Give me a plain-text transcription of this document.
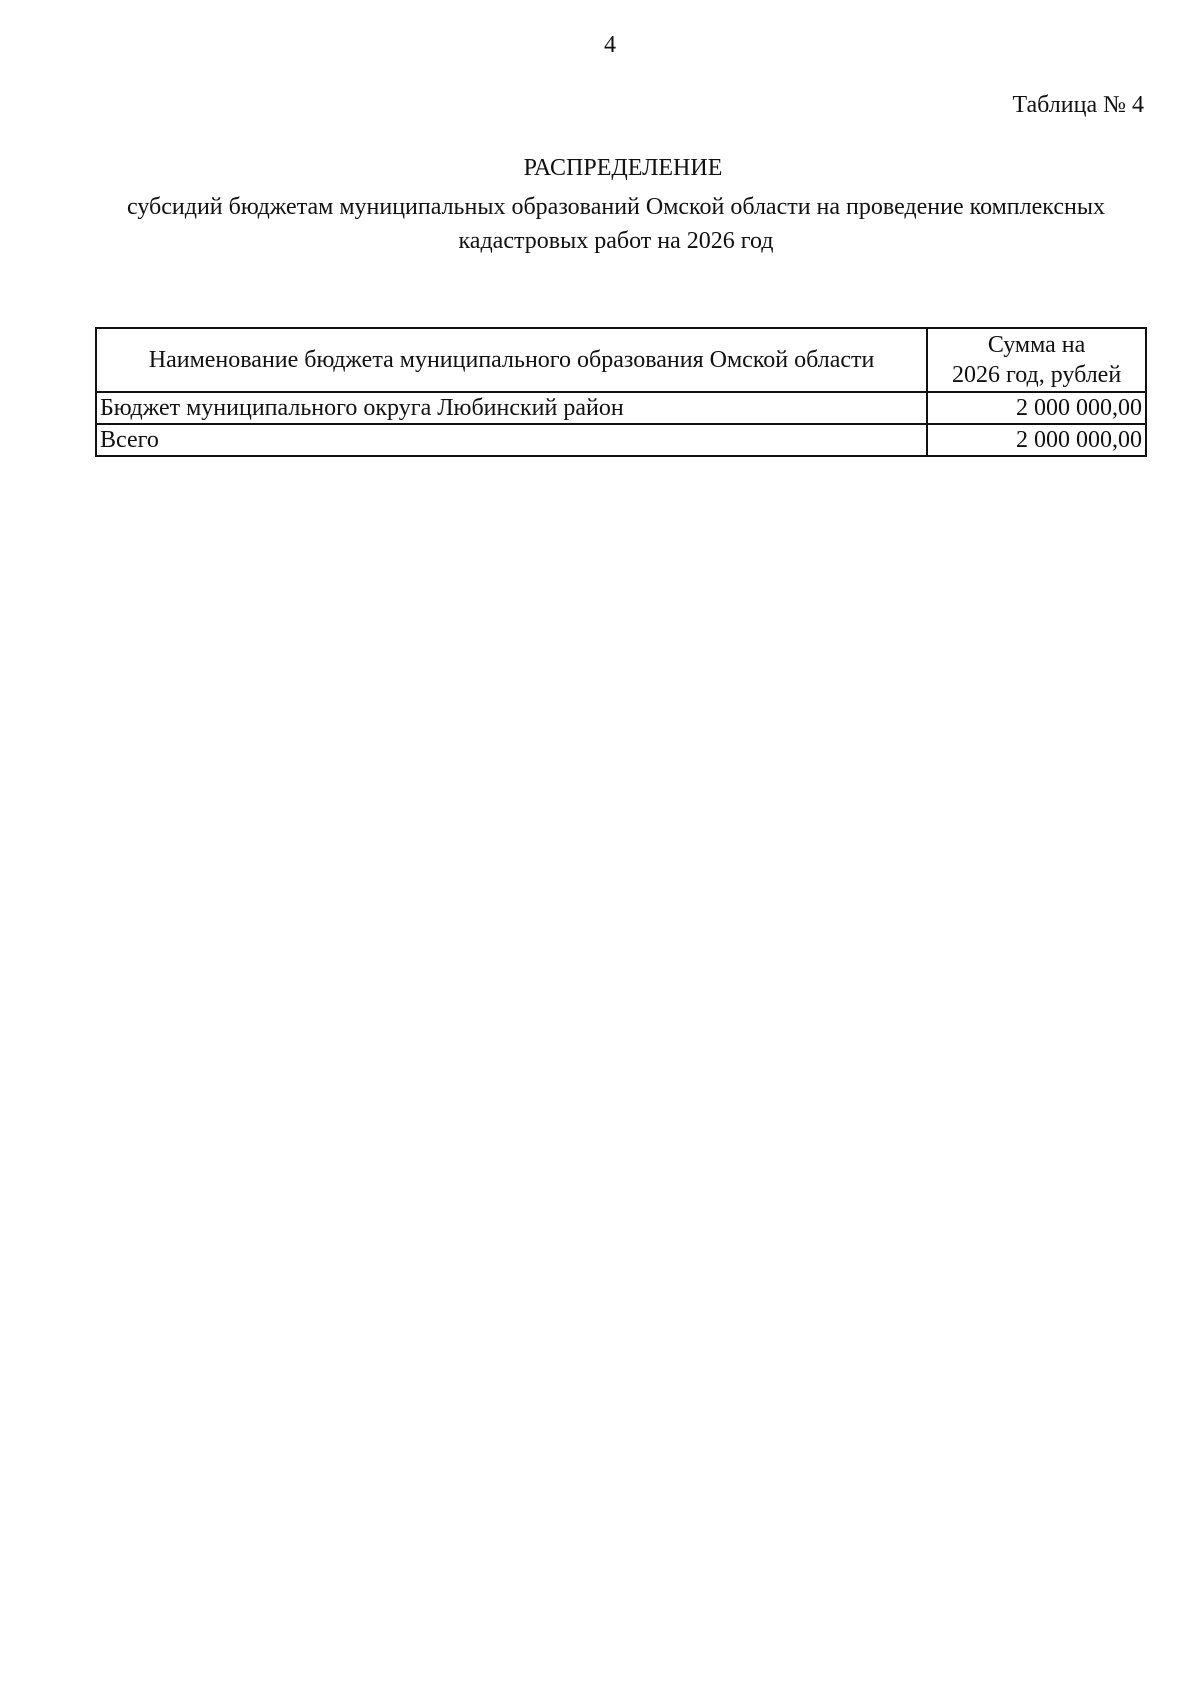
4
Таблица № 4
РАСПРЕДЕЛЕНИЕ
субсидий бюджетам муниципальных образований Омской области на проведение комплексных
кадастровых работ на 2026 год
Наименование бюджета муниципального образования Омской области	Сумма на
2026 год, рублей

Бюджет муниципального округа Любинский район	2 000 000,00
Всего	2 000 000,00
